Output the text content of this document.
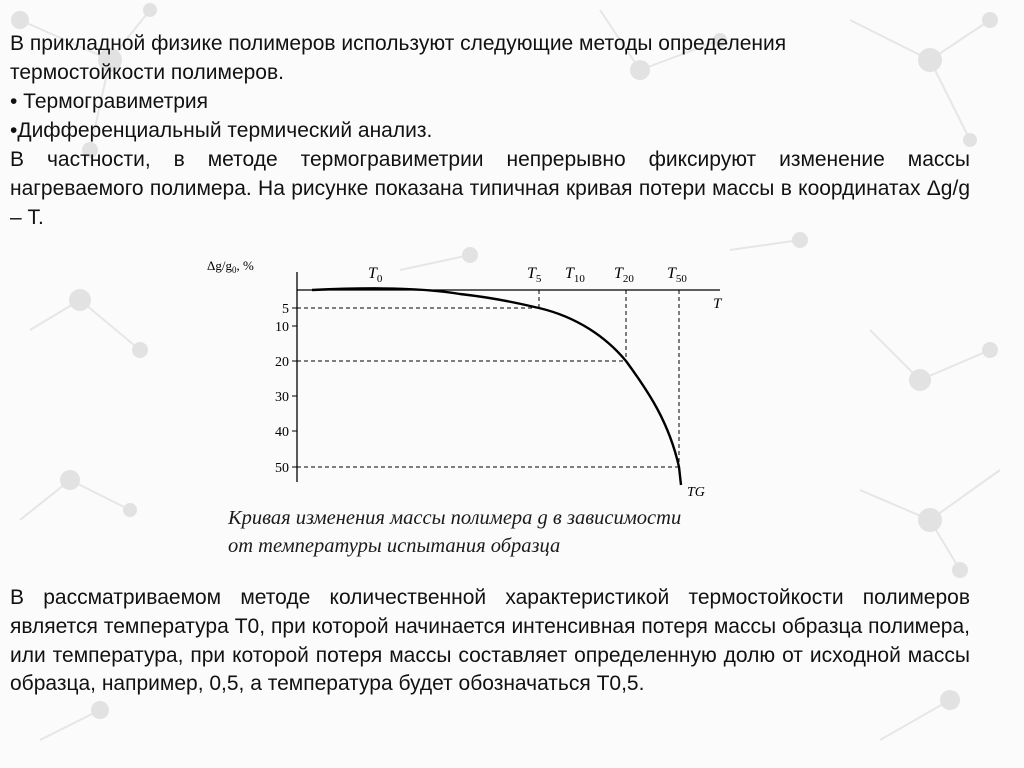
В прикладной физике полимеров используют следующие методы определения
термостойкости полимеров.
• Термогравиметрия
•Дифференциальный термический анализ.
В частности, в методе термогравиметрии непрерывно фиксируют изменение массы нагреваемого полимера. На рисунке показана типичная кривая потери массы в координатах Δg/g – Т.
$\Delta g/g_0$, %
T
5
10
20
30
40
50
$T_0$	$T_5$ $T_{10}$ $T_{20}$ $T_{50}$
TG
Кривая изменения массы полимера g в зависимости
от температуры испытания образца
В рассматриваемом методе количественной характеристикой термостойкости полимеров является температура Т0, при которой начинается интенсивная потеря массы образца полимера, или температура, при которой потеря массы составляет определенную долю от исходной массы образца, например, 0,5, а температура будет обозначаться Т0,5.
